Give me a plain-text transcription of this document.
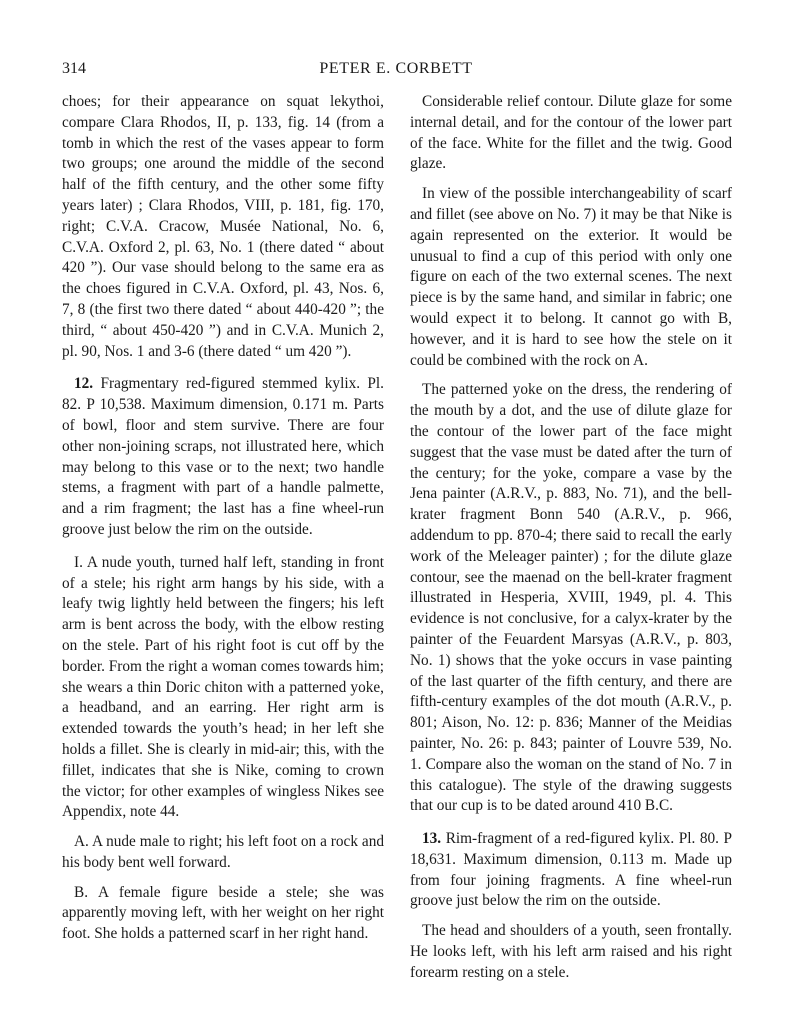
314	PETER E. CORBETT

choes; for their appearance on squat lekythoi, compare Clara Rhodos, II, p. 133, fig. 14 (from a tomb in which the rest of the vases appear to form two groups; one around the middle of the second half of the fifth century, and the other some fifty years later) ; Clara Rhodos, VIII, p. 181, fig. 170, right; C.V.A. Cracow, Musée National, No. 6, C.V.A. Oxford 2, pl. 63, No. 1 (there dated “ about 420 ”). Our vase should belong to the same era as the choes figured in C.V.A. Oxford, pl. 43, Nos. 6, 7, 8 (the first two there dated “ about 440-420 ”; the third, “ about 450-420 ”) and in C.V.A. Munich 2, pl. 90, Nos. 1 and 3-6 (there dated “ um 420 ”).

12. Fragmentary red-figured stemmed kylix. Pl. 82. P 10,538. Maximum dimension, 0.171 m. Parts of bowl, floor and stem survive. There are four other non-joining scraps, not illustrated here, which may belong to this vase or to the next; two handle stems, a fragment with part of a handle palmette, and a rim fragment; the last has a fine wheel-run groove just below the rim on the outside.

I. A nude youth, turned half left, standing in front of a stele; his right arm hangs by his side, with a leafy twig lightly held between the fingers; his left arm is bent across the body, with the elbow resting on the stele. Part of his right foot is cut off by the border. From the right a woman comes towards him; she wears a thin Doric chiton with a patterned yoke, a headband, and an earring. Her right arm is extended towards the youth’s head; in her left she holds a fillet. She is clearly in mid-air; this, with the fillet, indicates that she is Nike, coming to crown the victor; for other examples of wingless Nikes see Appendix, note 44.

A. A nude male to right; his left foot on a rock and his body bent well forward.

B. A female figure beside a stele; she was apparently moving left, with her weight on her right foot. She holds a patterned scarf in her right hand.

Considerable relief contour. Dilute glaze for some internal detail, and for the contour of the lower part of the face. White for the fillet and the twig. Good glaze.

In view of the possible interchangeability of scarf and fillet (see above on No. 7) it may be that Nike is again represented on the exterior. It would be unusual to find a cup of this period with only one figure on each of the two external scenes. The next piece is by the same hand, and similar in fabric; one would expect it to belong. It cannot go with B, however, and it is hard to see how the stele on it could be combined with the rock on A.

The patterned yoke on the dress, the rendering of the mouth by a dot, and the use of dilute glaze for the contour of the lower part of the face might suggest that the vase must be dated after the turn of the century; for the yoke, compare a vase by the Jena painter (A.R.V., p. 883, No. 71), and the bell-krater fragment Bonn 540 (A.R.V., p. 966, addendum to pp. 870-4; there said to recall the early work of the Meleager painter) ; for the dilute glaze contour, see the maenad on the bell-krater fragment illustrated in Hesperia, XVIII, 1949, pl. 4. This evidence is not conclusive, for a calyx-krater by the painter of the Feuardent Marsyas (A.R.V., p. 803, No. 1) shows that the yoke occurs in vase painting of the last quarter of the fifth century, and there are fifth-century examples of the dot mouth (A.R.V., p. 801; Aison, No. 12: p. 836; Manner of the Meidias painter, No. 26: p. 843; painter of Louvre 539, No. 1. Compare also the woman on the stand of No. 7 in this catalogue). The style of the drawing suggests that our cup is to be dated around 410 B.C.

13. Rim-fragment of a red-figured kylix. Pl. 80. P 18,631. Maximum dimension, 0.113 m. Made up from four joining fragments. A fine wheel-run groove just below the rim on the outside.

The head and shoulders of a youth, seen frontally. He looks left, with his left arm raised and his right forearm resting on a stele.
